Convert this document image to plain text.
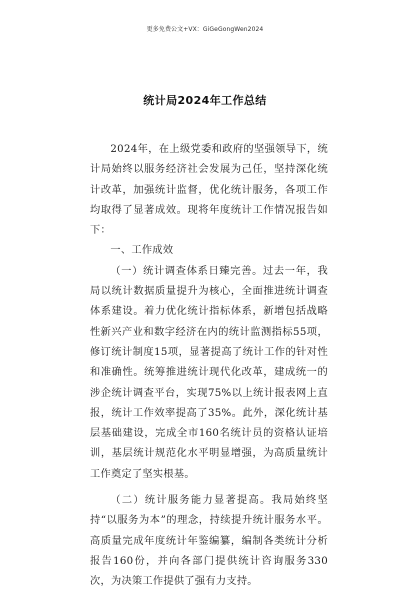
更多免费公文+VX：GiGeGongWen2024
统计局2024年工作总结

2024年，在上级党委和政府的坚强领导下，统计局始终以服务经济社会发展为己任，坚持深化统计改革，加强统计监督，优化统计服务，各项工作均取得了显著成效。现将年度统计工作情况报告如下：

一、工作成效

（一）统计调查体系日臻完善。过去一年，我局以统计数据质量提升为核心，全面推进统计调查体系建设。着力优化统计指标体系，新增包括战略性新兴产业和数字经济在内的统计监测指标55项，修订统计制度15项，显著提高了统计工作的针对性和准确性。统筹推进统计现代化改革，建成统一的涉企统计调查平台，实现75%以上统计报表网上直报，统计工作效率提高了35%。此外，深化统计基层基础建设，完成全市160名统计员的资格认证培训，基层统计规范化水平明显增强，为高质量统计工作奠定了坚实根基。

（二）统计服务能力显著提高。我局始终坚持“以服务为本”的理念，持续提升统计服务水平。高质量完成年度统计年鉴编纂，编制各类统计分析报告160份，并向各部门提供统计咨询服务330次，为决策工作提供了强有力支持。
